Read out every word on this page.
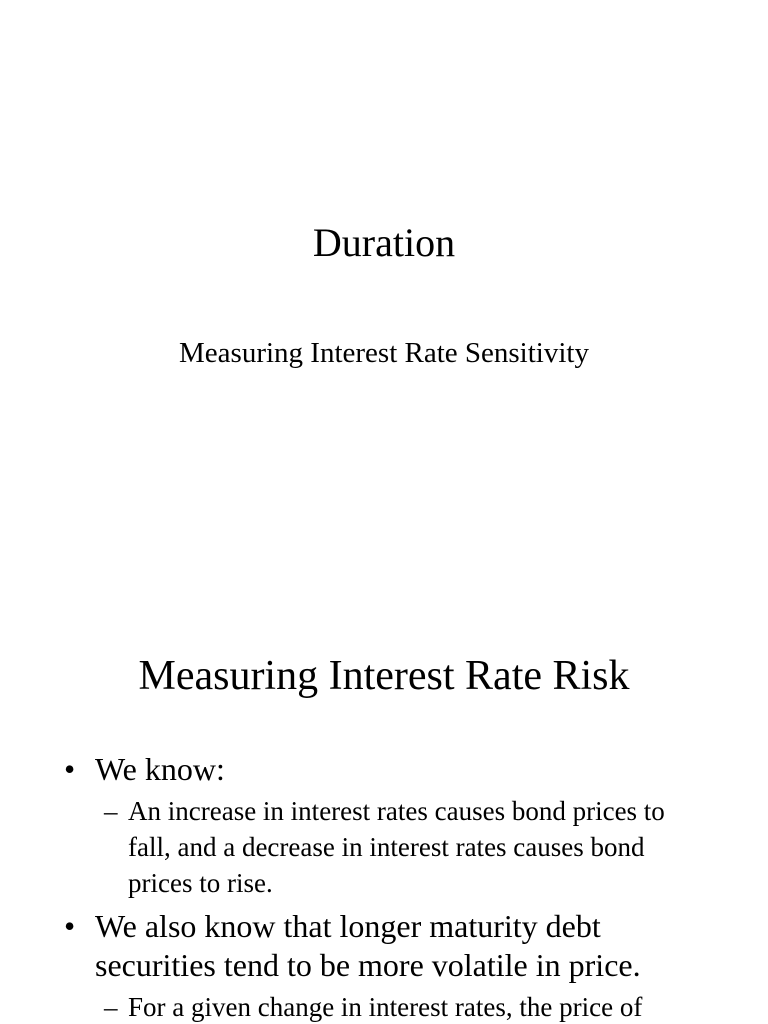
Duration
Measuring Interest Rate Sensitivity
Measuring Interest Rate Risk
• We know:
– An increase in interest rates causes bond prices to fall, and a decrease in interest rates causes bond prices to rise.
• We also know that longer maturity debt securities tend to be more volatile in price.
– For a given change in interest rates, the price of
